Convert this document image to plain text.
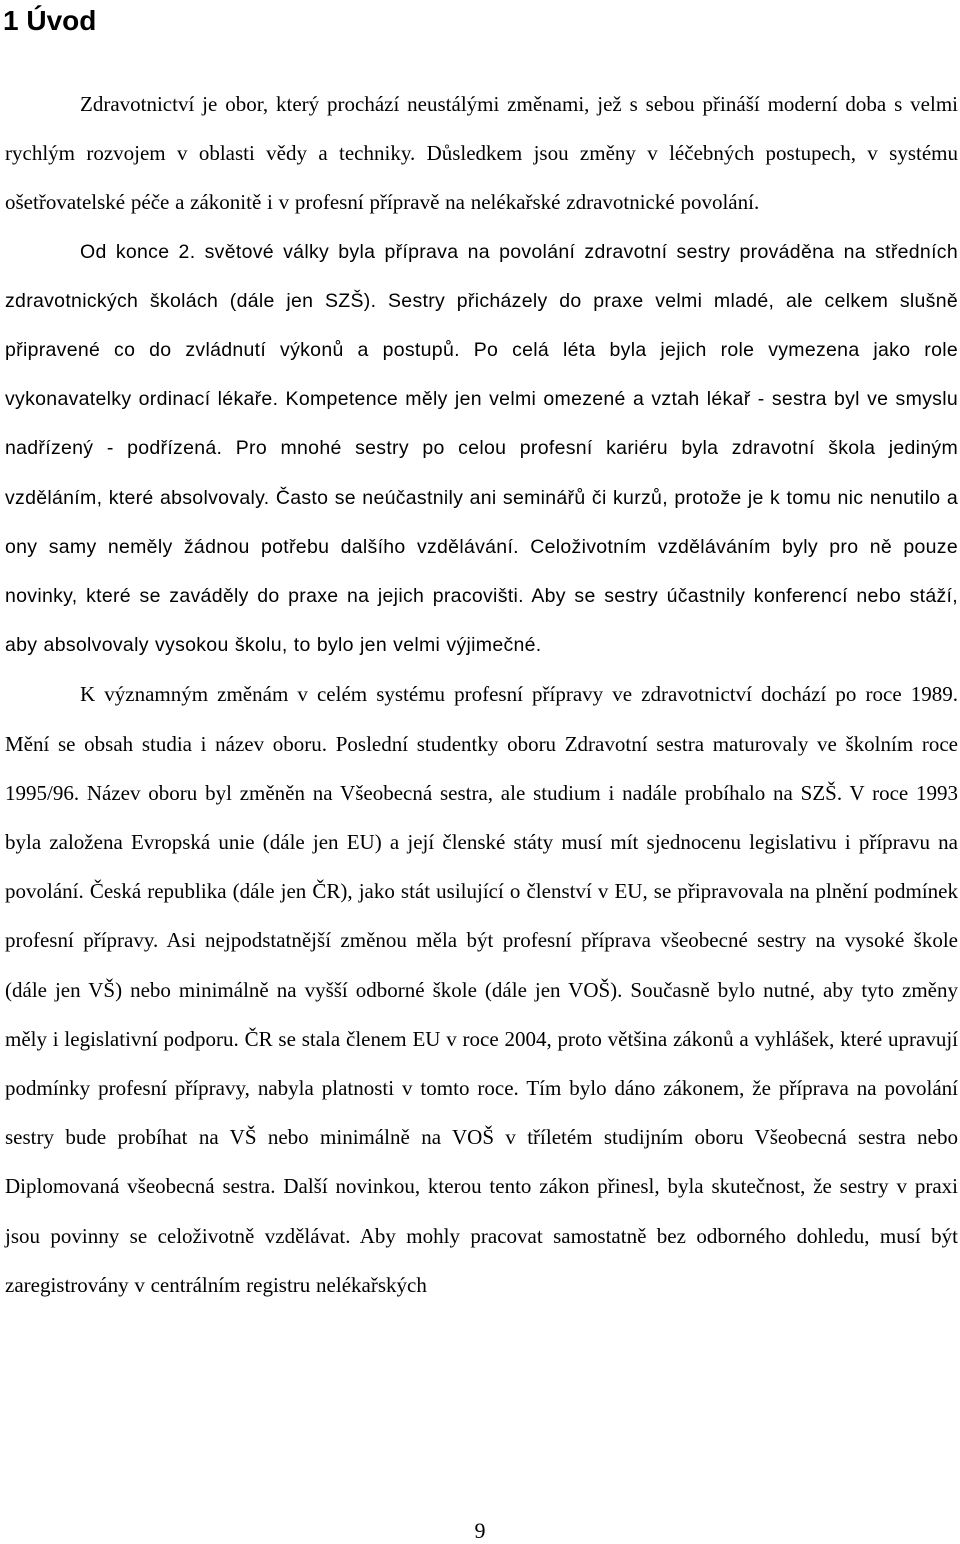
1 Úvod

Zdravotnictví je obor, který prochází neustálými změnami, jež s sebou přináší moderní doba s velmi rychlým rozvojem v oblasti vědy a techniky. Důsledkem jsou změny v léčebných postupech, v systému ošetřovatelské péče a zákonitě i v profesní přípravě na nelékařské zdravotnické povolání.

Od konce 2. světové války byla příprava na povolání zdravotní sestry prováděna na středních zdravotnických školách (dále jen SZŠ). Sestry přicházely do praxe velmi mladé, ale celkem slušně připravené co do zvládnutí výkonů a postupů. Po celá léta byla jejich role vymezena jako role vykonavatelky ordinací lékaře. Kompetence měly jen velmi omezené a vztah lékař - sestra byl ve smyslu nadřízený - podřízená. Pro mnohé sestry po celou profesní kariéru byla zdravotní škola jediným vzděláním, které absolvovaly. Často se neúčastnily ani seminářů či kurzů, protože je k tomu nic nenutilo a ony samy neměly žádnou potřebu dalšího vzdělávání. Celoživotním vzděláváním byly pro ně pouze novinky, které se zaváděly do praxe na jejich pracovišti. Aby se sestry účastnily konferencí nebo stáží, aby absolvovaly vysokou školu, to bylo jen velmi výjimečné.

K významným změnám v celém systému profesní přípravy ve zdravotnictví dochází po roce 1989. Mění se obsah studia i název oboru. Poslední studentky oboru Zdravotní sestra maturovaly ve školním roce 1995/96. Název oboru byl změněn na Všeobecná sestra, ale studium i nadále probíhalo na SZŠ. V roce 1993 byla založena Evropská unie (dále jen EU) a její členské státy musí mít sjednocenu legislativu i přípravu na povolání. Česká republika (dále jen ČR), jako stát usilující o členství v EU, se připravovala na plnění podmínek profesní přípravy. Asi nejpodstatnější změnou měla být profesní příprava všeobecné sestry na vysoké škole (dále jen VŠ) nebo minimálně na vyšší odborné škole (dále jen VOŠ). Současně bylo nutné, aby tyto změny měly i legislativní podporu. ČR se stala členem EU v roce 2004, proto většina zákonů a vyhlášek, které upravují podmínky profesní přípravy, nabyla platnosti v tomto roce. Tím bylo dáno zákonem, že příprava na povolání sestry bude probíhat na VŠ nebo minimálně na VOŠ v tříletém studijním oboru Všeobecná sestra nebo Diplomovaná všeobecná sestra. Další novinkou, kterou tento zákon přinesl, byla skutečnost, že sestry v praxi jsou povinny se celoživotně vzdělávat. Aby mohly pracovat samostatně bez odborného dohledu, musí být zaregistrovány v centrálním registru nelékařských

9
